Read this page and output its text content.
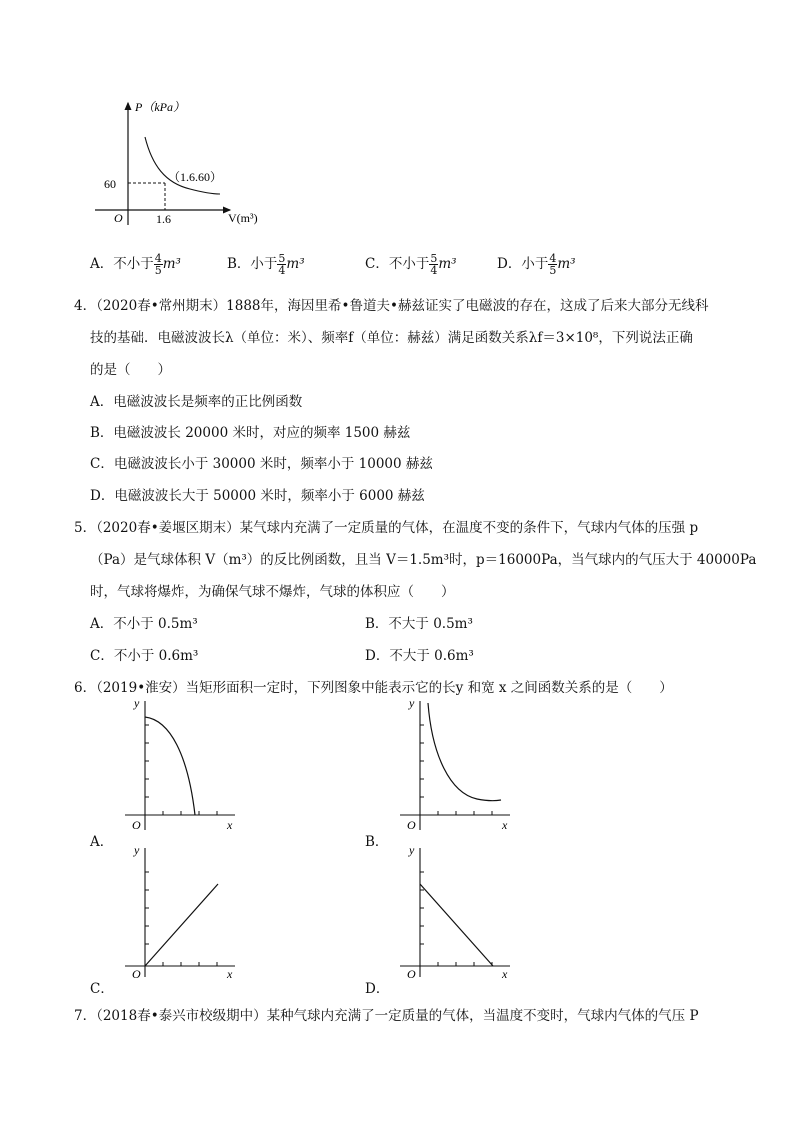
P（kPa）
V(m³)
O
60
1.6
（1.6.60）
A．不小于 $\frac{4}{5} m^3$	B．小于 $\frac{5}{4} m^3$	C．不小于 $\frac{5}{4} m^3$	D．小于 $\frac{4}{5} m^3$
4．（2020春•常州期末）1888年，海因里希•鲁道夫•赫兹证实了电磁波的存在，这成了后来大部分无线科
技的基础．电磁波波长λ（单位：米）、频率f（单位：赫兹）满足函数关系λf＝3×10⁸，下列说法正确
的是（　　）
A．电磁波波长是频率的正比例函数
B．电磁波波长 20000 米时，对应的频率 1500 赫兹
C．电磁波波长小于 30000 米时，频率小于 10000 赫兹
D．电磁波波长大于 50000 米时，频率小于 6000 赫兹
5．（2020春•姜堰区期末）某气球内充满了一定质量的气体，在温度不变的条件下，气球内气体的压强 p
（Pa）是气球体积 V（m³）的反比例函数，且当 V＝1.5m³时，p＝16000Pa，当气球内的气压大于 40000Pa
时，气球将爆炸，为确保气球不爆炸，气球的体积应（　　）
A．不小于 0.5m³	B．不大于 0.5m³
C．不小于 0.6m³	D．不大于 0.6m³
6．（2019•淮安）当矩形面积一定时，下列图象中能表示它的长y 和宽 x 之间函数关系的是（　　）
y
x
O
A．
y
x
O
B．
y
x
O
C．
y
x
O
D．
7．（2018春•泰兴市校级期中）某种气球内充满了一定质量的气体，当温度不变时，气球内气体的气压 P
